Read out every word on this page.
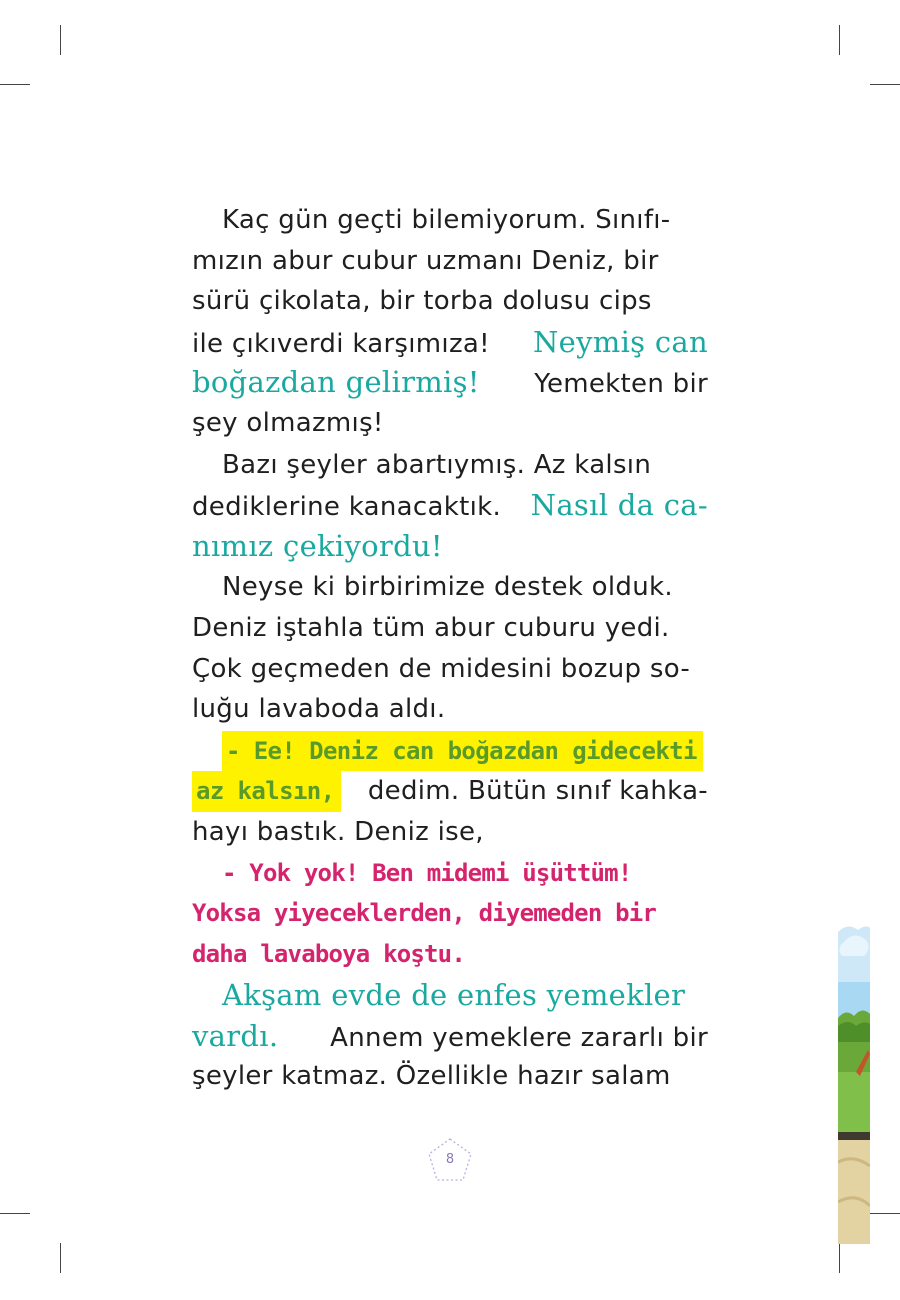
Kaç gün geçti bilemiyorum. Sınıfı-
mızın abur cubur uzmanı Deniz, bir
sürü çikolata, bir torba dolusu cips
ile çıkıverdi karşımıza! Neymiş can
boğazdan gelirmiş! Yemekten bir
şey olmazmış!
Bazı şeyler abartıymış. Az kalsın
dediklerine kanacaktık. Nasıl da ca-
nımız çekiyordu!
Neyse ki birbirimize destek olduk.
Deniz iştahla tüm abur cuburu yedi.
Çok geçmeden de midesini bozup so-
luğu lavaboda aldı.
- Ee! Deniz can boğazdan gidecekti
az kalsın, dedim. Bütün sınıf kahka-
hayı bastık. Deniz ise,
- Yok yok! Ben midemi üşüttüm!
Yoksa yiyeceklerden, diyemeden bir
daha lavaboya koştu.
Akşam evde de enfes yemekler
vardı. Annem yemeklere zararlı bir
şeyler katmaz. Özellikle hazır salam
8
